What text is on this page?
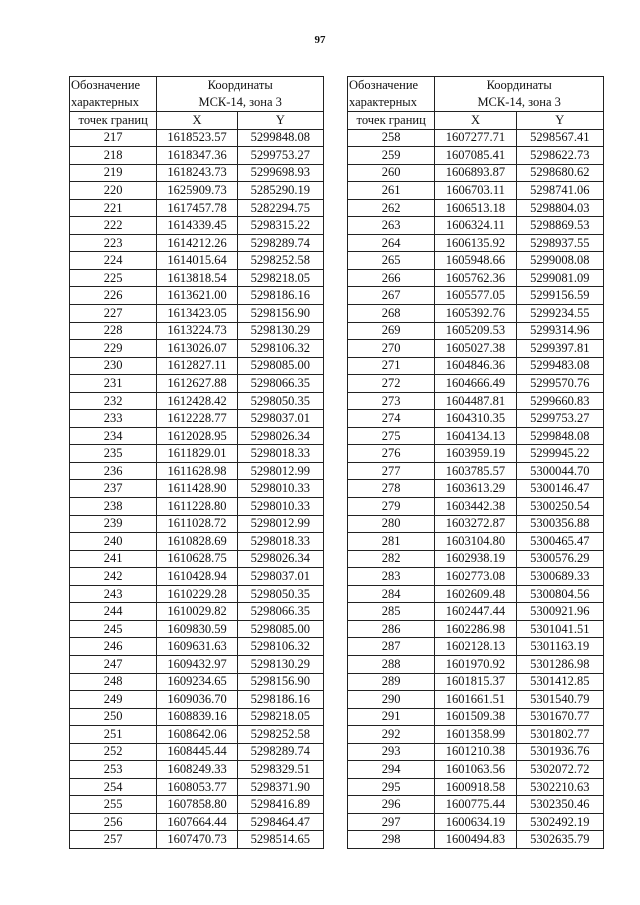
97
Обозначение
характерных	Координаты
МСК-14, зона 3	

точек границ	X	Y
217	1618523.57	5299848.08
218	1618347.36	5299753.27
219	1618243.73	5299698.93
220	1625909.73	5285290.19
221	1617457.78	5282294.75
222	1614339.45	5298315.22
223	1614212.26	5298289.74
224	1614015.64	5298252.58
225	1613818.54	5298218.05
226	1613621.00	5298186.16
227	1613423.05	5298156.90
228	1613224.73	5298130.29
229	1613026.07	5298106.32
230	1612827.11	5298085.00
231	1612627.88	5298066.35
232	1612428.42	5298050.35
233	1612228.77	5298037.01
234	1612028.95	5298026.34
235	1611829.01	5298018.33
236	1611628.98	5298012.99
237	1611428.90	5298010.33
238	1611228.80	5298010.33
239	1611028.72	5298012.99
240	1610828.69	5298018.33
241	1610628.75	5298026.34
242	1610428.94	5298037.01
243	1610229.28	5298050.35
244	1610029.82	5298066.35
245	1609830.59	5298085.00
246	1609631.63	5298106.32
247	1609432.97	5298130.29
248	1609234.65	5298156.90
249	1609036.70	5298186.16
250	1608839.16	5298218.05
251	1608642.06	5298252.58
252	1608445.44	5298289.74
253	1608249.33	5298329.51
254	1608053.77	5298371.90
255	1607858.80	5298416.89
256	1607664.44	5298464.47
257	1607470.73	5298514.65
Обозначение
характерных	Координаты
МСК-14, зона 3	

точек границ	X	Y
258	1607277.71	5298567.41
259	1607085.41	5298622.73
260	1606893.87	5298680.62
261	1606703.11	5298741.06
262	1606513.18	5298804.03
263	1606324.11	5298869.53
264	1606135.92	5298937.55
265	1605948.66	5299008.08
266	1605762.36	5299081.09
267	1605577.05	5299156.59
268	1605392.76	5299234.55
269	1605209.53	5299314.96
270	1605027.38	5299397.81
271	1604846.36	5299483.08
272	1604666.49	5299570.76
273	1604487.81	5299660.83
274	1604310.35	5299753.27
275	1604134.13	5299848.08
276	1603959.19	5299945.22
277	1603785.57	5300044.70
278	1603613.29	5300146.47
279	1603442.38	5300250.54
280	1603272.87	5300356.88
281	1603104.80	5300465.47
282	1602938.19	5300576.29
283	1602773.08	5300689.33
284	1602609.48	5300804.56
285	1602447.44	5300921.96
286	1602286.98	5301041.51
287	1602128.13	5301163.19
288	1601970.92	5301286.98
289	1601815.37	5301412.85
290	1601661.51	5301540.79
291	1601509.38	5301670.77
292	1601358.99	5301802.77
293	1601210.38	5301936.76
294	1601063.56	5302072.72
295	1600918.58	5302210.63
296	1600775.44	5302350.46
297	1600634.19	5302492.19
298	1600494.83	5302635.79
